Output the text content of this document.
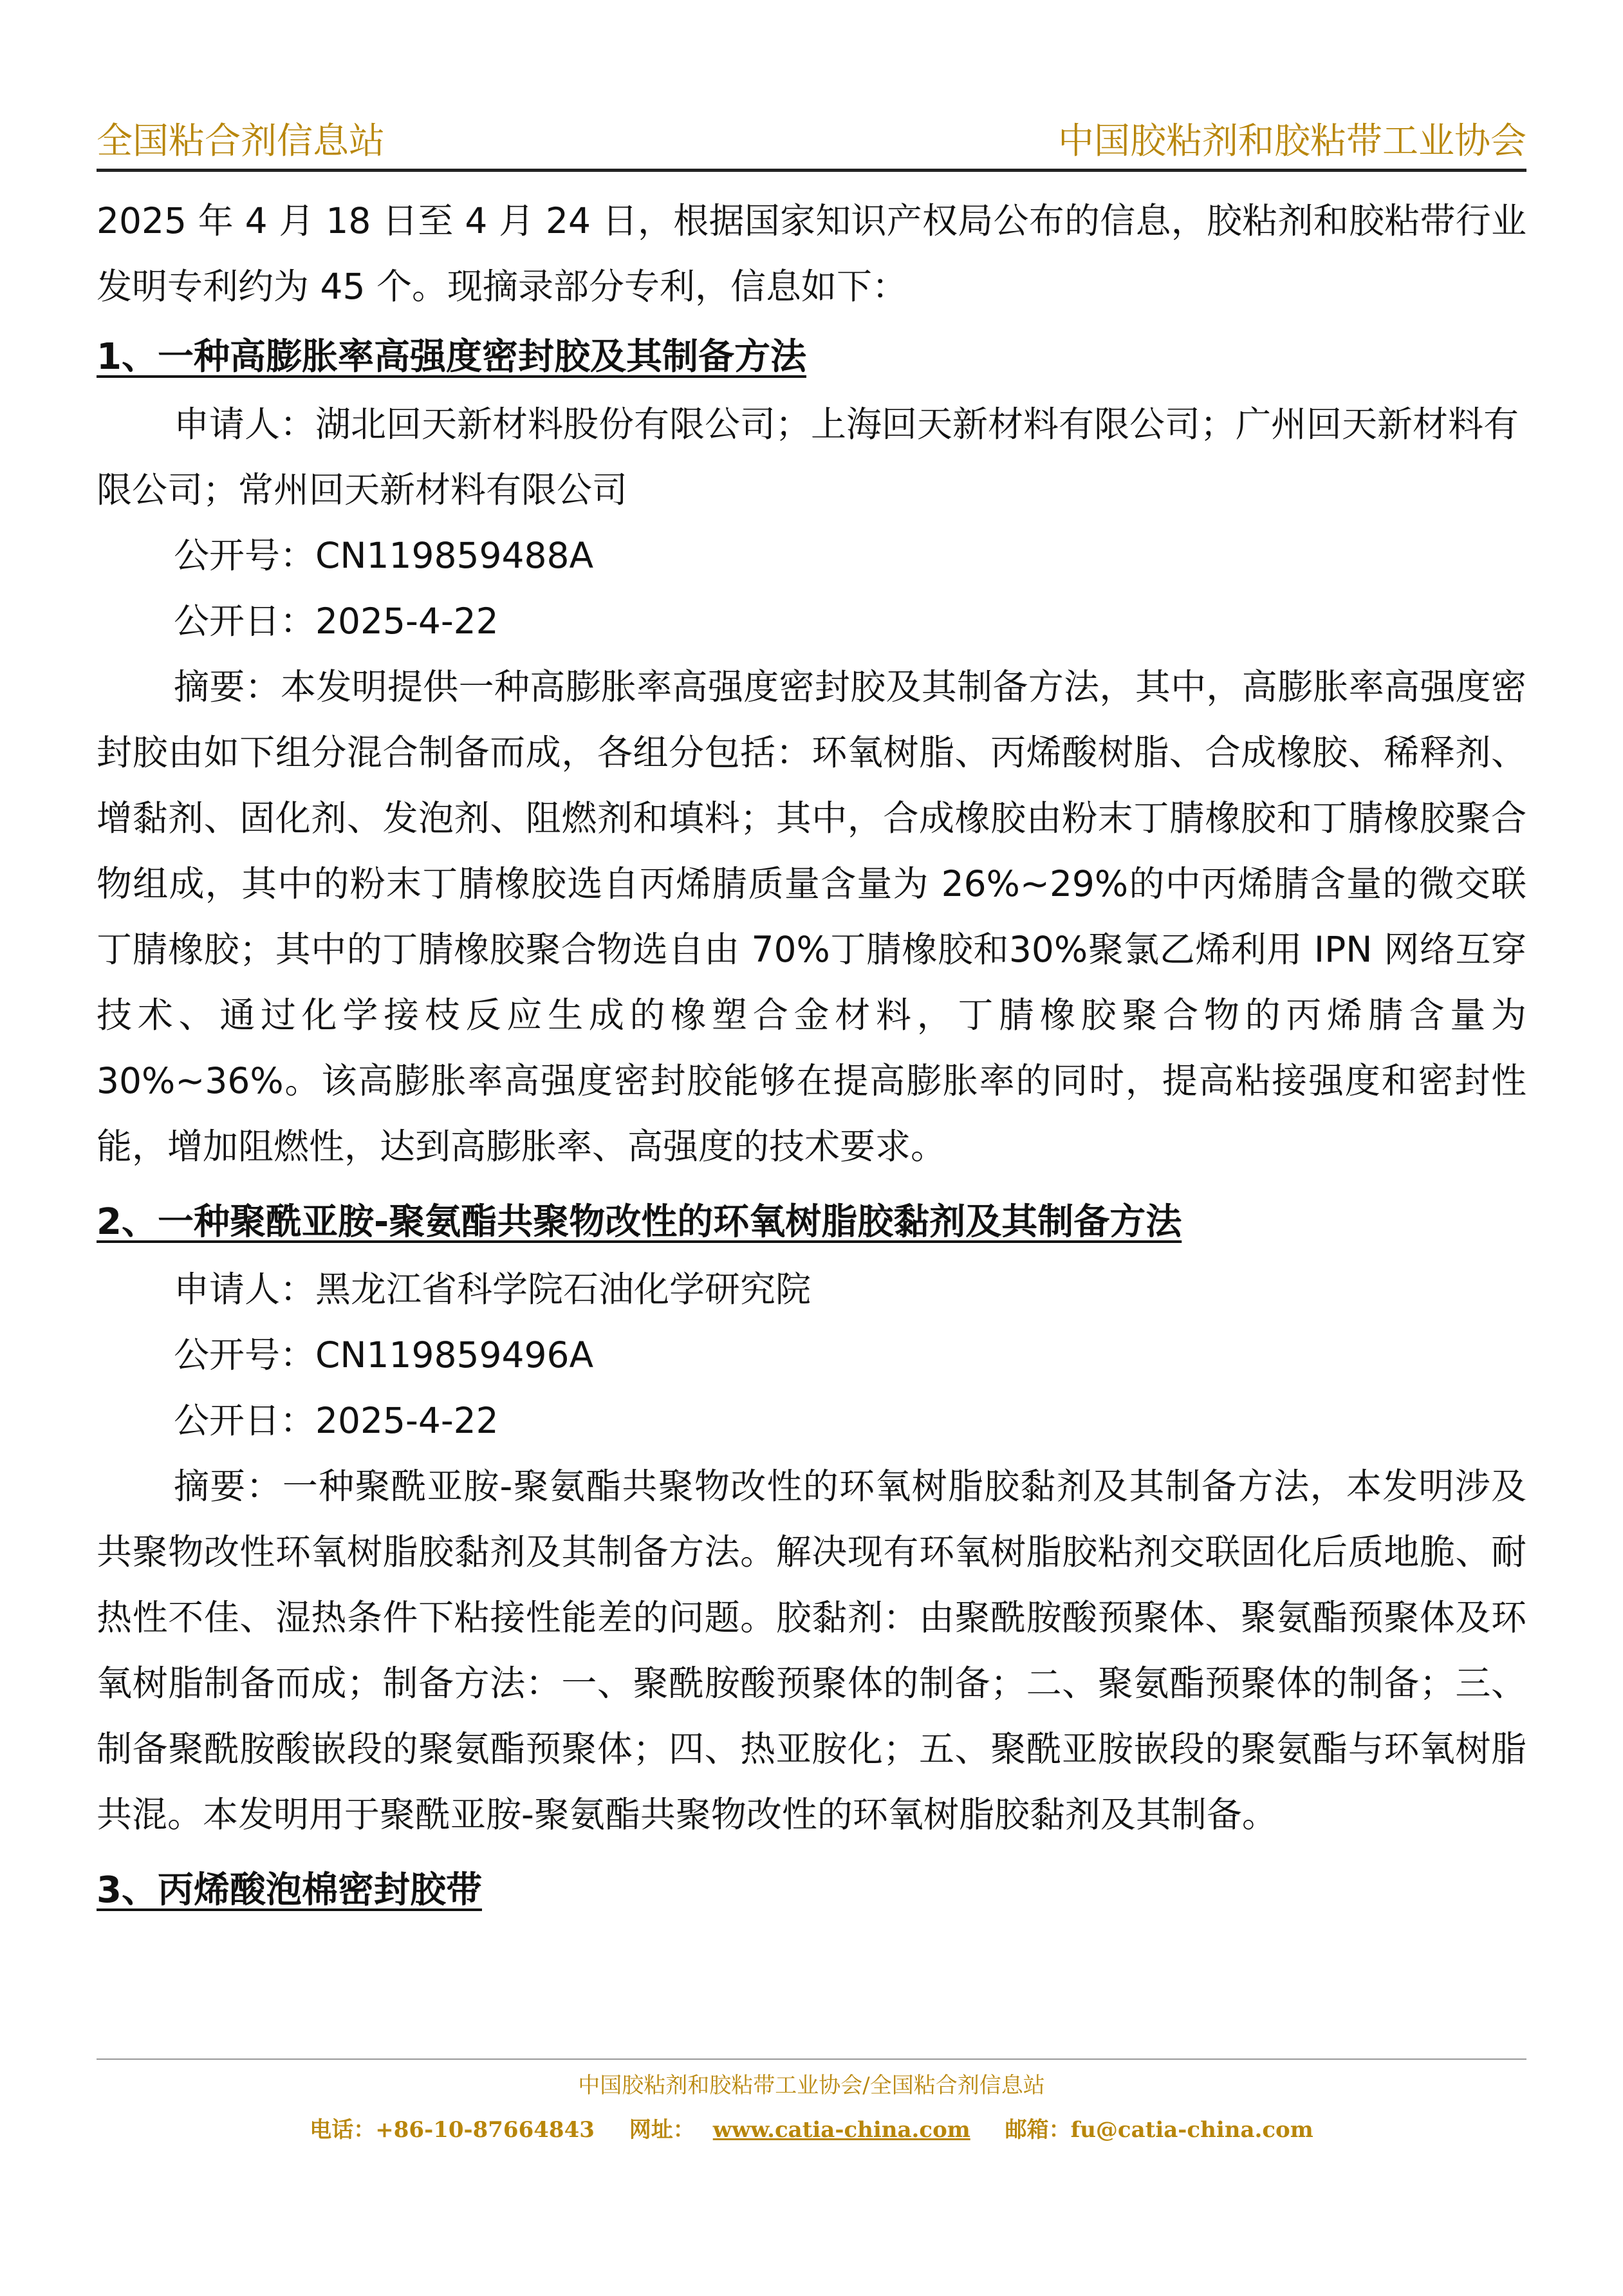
全国粘合剂信息站	中国胶粘剂和胶粘带工业协会

2025 年 4 月 18 日至 4 月 24 日，根据国家知识产权局公布的信息，胶粘剂和胶粘带行业发明专利约为 45 个。现摘录部分专利，信息如下：

1、一种高膨胀率高强度密封胶及其制备方法

申请人：湖北回天新材料股份有限公司；上海回天新材料有限公司；广州回天新材料有限公司；常州回天新材料有限公司

公开号：CN119859488A

公开日：2025-4-22

摘要：本发明提供一种高膨胀率高强度密封胶及其制备方法，其中，高膨胀率高强度密封胶由如下组分混合制备而成，各组分包括：环氧树脂、丙烯酸树脂、合成橡胶、稀释剂、增黏剂、固化剂、发泡剂、阻燃剂和填料；其中，合成橡胶由粉末丁腈橡胶和丁腈橡胶聚合物组成，其中的粉末丁腈橡胶选自丙烯腈质量含量为 26%~29%的中丙烯腈含量的微交联丁腈橡胶；其中的丁腈橡胶聚合物选自由 70%丁腈橡胶和30%聚氯乙烯利用 IPN 网络互穿技术、通过化学接枝反应生成的橡塑合金材料，丁腈橡胶聚合物的丙烯腈含量为 30%~36%。该高膨胀率高强度密封胶能够在提高膨胀率的同时，提高粘接强度和密封性能，增加阻燃性，达到高膨胀率、高强度的技术要求。

2、一种聚酰亚胺-聚氨酯共聚物改性的环氧树脂胶黏剂及其制备方法

申请人：黑龙江省科学院石油化学研究院

公开号：CN119859496A

公开日：2025-4-22

摘要：一种聚酰亚胺-聚氨酯共聚物改性的环氧树脂胶黏剂及其制备方法，本发明涉及共聚物改性环氧树脂胶黏剂及其制备方法。解决现有环氧树脂胶粘剂交联固化后质地脆、耐热性不佳、湿热条件下粘接性能差的问题。胶黏剂：由聚酰胺酸预聚体、聚氨酯预聚体及环氧树脂制备而成；制备方法：一、聚酰胺酸预聚体的制备；二、聚氨酯预聚体的制备；三、制备聚酰胺酸嵌段的聚氨酯预聚体；四、热亚胺化；五、聚酰亚胺嵌段的聚氨酯与环氧树脂共混。本发明用于聚酰亚胺-聚氨酯共聚物改性的环氧树脂胶黏剂及其制备。

3、丙烯酸泡棉密封胶带

中国胶粘剂和胶粘带工业协会/全国粘合剂信息站
电话：+86-10-87664843 网址： www.catia-china.com 邮箱：fu@catia-china.com
